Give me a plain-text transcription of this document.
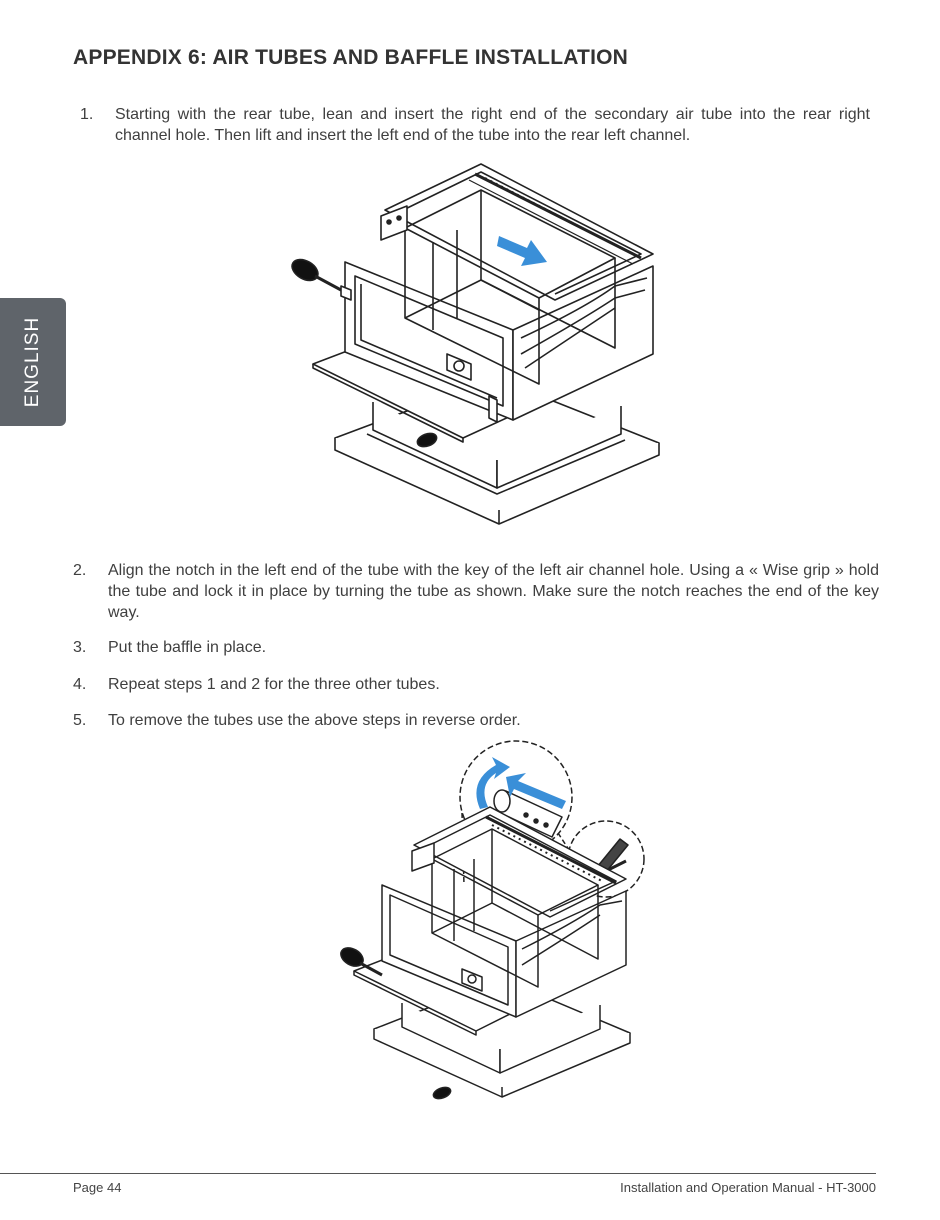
ENGLISH
APPENDIX 6: AIR TUBES AND BAFFLE INSTALLATION
1.	Starting with the rear tube, lean and insert the right end of the secondary air tube into the rear right channel hole. Then lift and insert the left end of the tube into the rear left channel.
2.	Align the notch in the left end of the tube with the key of the left air channel hole. Using a « Wise grip » hold the tube and lock it in place by turning the tube as shown. Make sure the notch reaches the end of the key way.
3.	Put the baffle in place.
4.	Repeat steps 1 and 2 for the three other tubes.
5.	To remove the tubes use the above steps in reverse order.
Page 44	Installation and Operation Manual - HT-3000
